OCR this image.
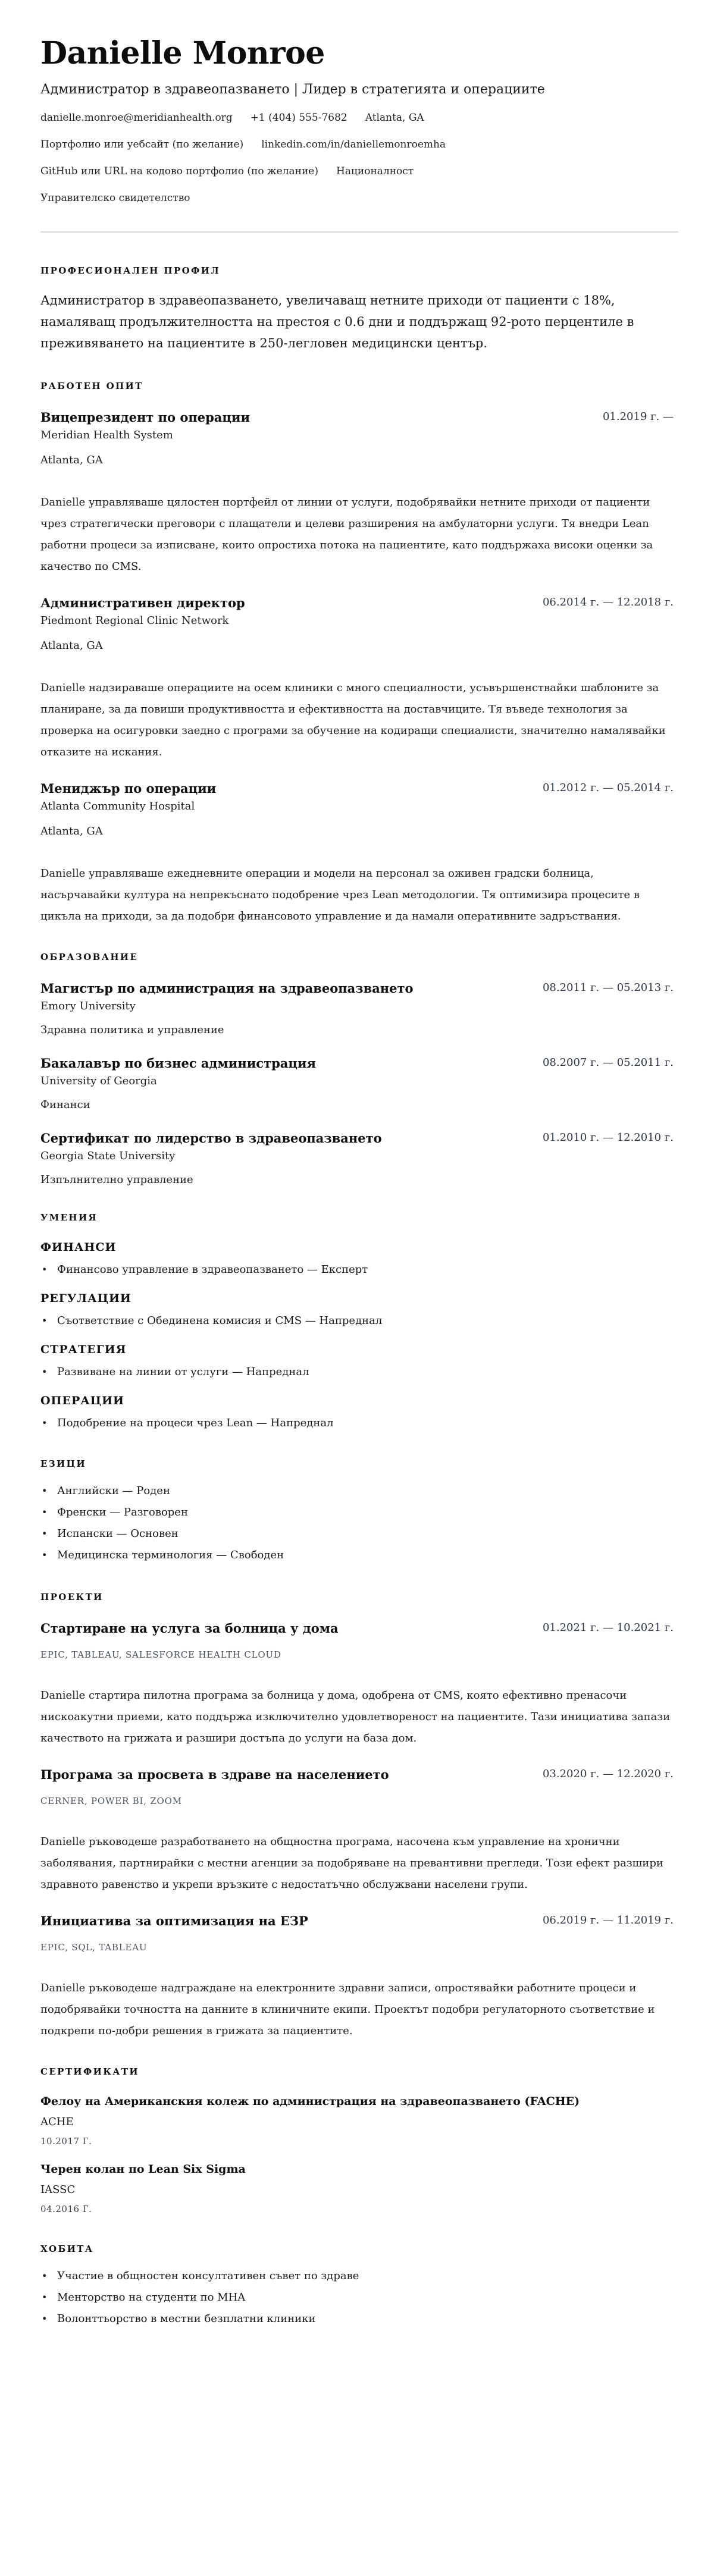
Danielle Monroe
Администратор в здравеопазването | Лидер в стратегията и операциите
danielle.monroe@meridianhealth.org +1 (404) 555-7682 Atlanta, GA
Портфолио или уебсайт (по желание) linkedin.com/in/daniellemonroemha
GitHub или URL на кодово портфолио (по желание) Националност
Управителско свидетелство
ПРОФЕСИОНАЛЕН ПРОФИЛ

Администратор в здравеопазването, увеличаващ нетните приходи от пациенти с 18%, намаляващ продължителността на престоя с 0.6 дни и поддържащ 92-рото перцентиле в преживяването на пациентите в 250-легловен медицински център.

РАБОТЕН ОПИТ
Вицепрезидент по операции	01.2019 г. —
Meridian Health System
Atlanta, GA

Danielle управляваше цялостен портфейл от линии от услуги, подобрявайки нетните приходи от пациенти чрез стратегически преговори с плащатели и целеви разширения на амбулаторни услуги. Тя внедри Lean работни процеси за изписване, които опростиха потока на пациентите, като поддържаха високи оценки за качество по CMS.

Административен директор	06.2014 г. — 12.2018 г.
Piedmont Regional Clinic Network
Atlanta, GA

Danielle надзираваше операциите на осем клиники с много специалности, усъвършенствайки шаблоните за планиране, за да повиши продуктивността и ефективността на доставчиците. Тя въведе технология за проверка на осигуровки заедно с програми за обучение на кодиращи специалисти, значително намалявайки отказите на искания.

Мениджър по операции	01.2012 г. — 05.2014 г.
Atlanta Community Hospital
Atlanta, GA

Danielle управляваше ежедневните операции и модели на персонал за оживен градски болница, насърчавайки култура на непрекъснато подобрение чрез Lean методологии. Тя оптимизира процесите в цикъла на приходи, за да подобри финансовото управление и да намали оперативните задръствания.

ОБРАЗОВАНИЕ
Магистър по администрация на здравеопазването	08.2011 г. — 05.2013 г.
Emory University
Здравна политика и управление
Бакалавър по бизнес администрация	08.2007 г. — 05.2011 г.
University of Georgia
Финанси
Сертификат по лидерство в здравеопазването	01.2010 г. — 12.2010 г.
Georgia State University
Изпълнително управление
УМЕНИЯ
ФИНАНСИ
• Финансово управление в здравеопазването — Експерт
РЕГУЛАЦИИ
• Съответствие с Обединена комисия и CMS — Напреднал
СТРАТЕГИЯ
• Развиване на линии от услуги — Напреднал
ОПЕРАЦИИ
• Подобрение на процеси чрез Lean — Напреднал
ЕЗИЦИ
• Английски — Роден
• Френски — Разговорен
• Испански — Основен
• Медицинска терминология — Свободен
ПРОЕКТИ
Стартиране на услуга за болница у дома	01.2021 г. — 10.2021 г.
EPIC, TABLEAU, SALESFORCE HEALTH CLOUD

Danielle стартира пилотна програма за болница у дома, одобрена от CMS, която ефективно пренасочи нискоакутни приеми, като поддържа изключително удовлетвореност на пациентите. Тази инициатива запази качеството на грижата и разшири достъпа до услуги на база дом.

Програма за просвета в здраве на населението	03.2020 г. — 12.2020 г.
CERNER, POWER BI, ZOOM

Danielle ръководеше разработването на общностна програма, насочена към управление на хронични заболявания, партнирайки с местни агенции за подобряване на превантивни прегледи. Този ефект разшири здравното равенство и укрепи връзките с недостатъчно обслужвани населени групи.

Инициатива за оптимизация на ЕЗР	06.2019 г. — 11.2019 г.
EPIC, SQL, TABLEAU

Danielle ръководеше надграждане на електронните здравни записи, опростявайки работните процеси и подобрявайки точността на данните в клиничните екипи. Проектът подобри регулаторното съответствие и подкрепи по-добри решения в грижата за пациентите.

СЕРТИФИКАТИ
Фелоу на Американския колеж по администрация на здравеопазването (FACHE)
ACHE
10.2017 Г.
Черен колан по Lean Six Sigma
IASSC
04.2016 Г.
ХОБИТА
• Участие в общностен консултативен съвет по здраве
• Менторство на студенти по MHA
• Волонттьорство в местни безплатни клиники
